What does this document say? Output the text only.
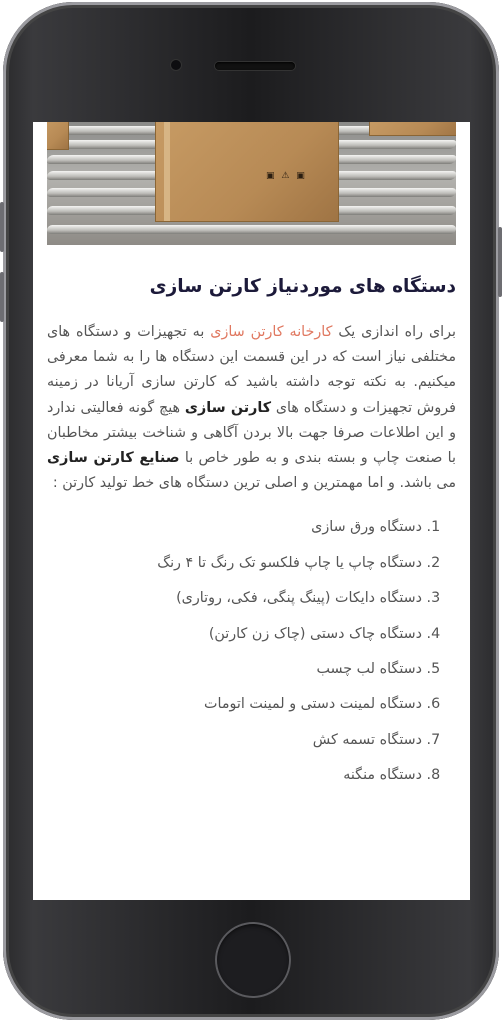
▣ ⚠ ▣
دستگاه های موردنیاز کارتن سازی

برای راه اندازی یک کارخانه کارتن سازی به تجهیزات و دستگاه های مختلفی نیاز است که در این قسمت این دستگاه ها را به شما معرفی میکنیم. به نکته توجه داشته باشید که کارتن سازی آریانا در زمینه فروش تجهیزات و دستگاه های کارتن سازی هیچ گونه فعالیتی ندارد و این اطلاعات صرفا جهت بالا بردن آگاهی و شناخت بیشتر مخاطبان با صنعت چاپ و بسته بندی و به طور خاص با صنایع کارتن سازی می باشد. و اما مهمترین و اصلی ترین دستگاه های خط تولید کارتن :

1. دستگاه ورق سازی
2. دستگاه چاپ یا چاپ فلکسو تک رنگ تا ۴ رنگ
3. دستگاه دایکات (پینگ پنگی، فکی، روتاری)
4. دستگاه چاک دستی (چاک زن کارتن)
5. دستگاه لب چسب
6. دستگاه لمینت دستی و لمینت اتومات
7. دستگاه تسمه کش
8. دستگاه منگنه
